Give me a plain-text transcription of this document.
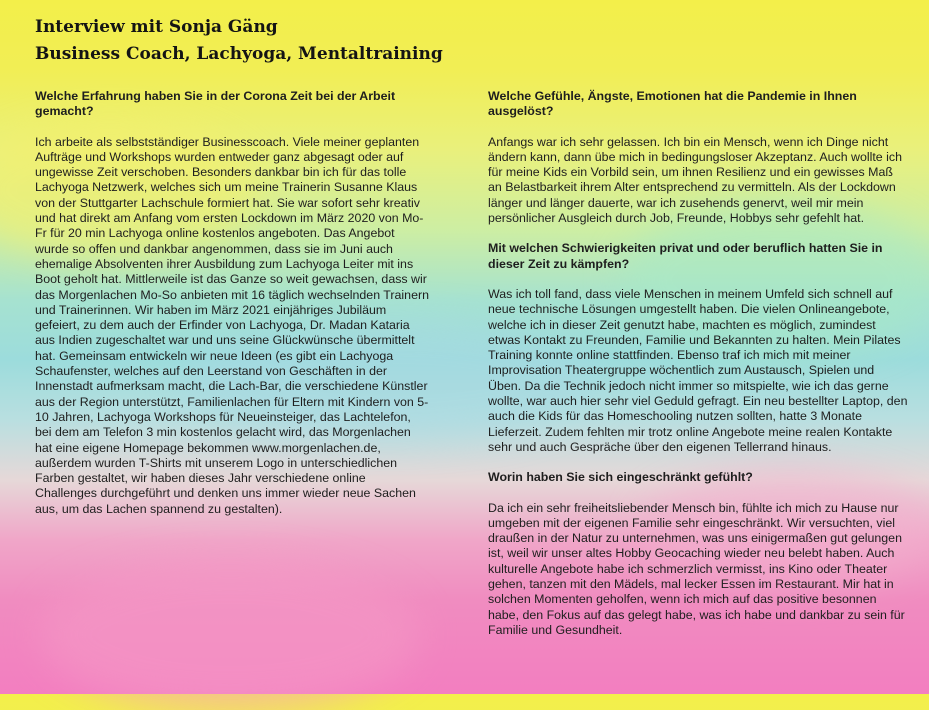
Interview mit Sonja Gäng
Business Coach, Lachyoga, Mentaltraining

Welche Erfahrung haben Sie in der Corona Zeit bei der Arbeit gemacht?

Ich arbeite als selbstständiger Businesscoach. Viele meiner geplanten Aufträge und Workshops wurden entweder ganz abgesagt oder auf ungewisse Zeit verschoben. Besonders dankbar bin ich für das tolle Lachyoga Netzwerk, welches sich um meine Trainerin Susanne Klaus von der Stuttgarter Lachschule formiert hat. Sie war sofort sehr kreativ und hat direkt am Anfang vom ersten Lockdown im März 2020 von Mo-Fr für 20 min Lachyoga online kostenlos angeboten. Das Angebot wurde so offen und dankbar angenommen, dass sie im Juni auch ehemalige Absolventen ihrer Ausbildung zum Lachyoga Leiter mit ins Boot geholt hat. Mittlerweile ist das Ganze so weit gewachsen, dass wir das Morgenlachen Mo-So anbieten mit 16 täglich wechselnden Trainern und Trainerinnen. Wir haben im März 2021 einjähriges Jubiläum gefeiert, zu dem auch der Erfinder von Lachyoga, Dr. Madan Kataria aus Indien zugeschaltet war und uns seine Glückwünsche übermittelt hat. Gemeinsam entwickeln wir neue Ideen (es gibt ein Lachyoga Schaufenster, welches auf den Leerstand von Geschäften in der Innenstadt aufmerksam macht, die Lach-Bar, die verschiedene Künstler aus der Region unterstützt, Familienlachen für Eltern mit Kindern von 5-10 Jahren, Lachyoga Workshops für Neueinsteiger, das Lachtelefon, bei dem am Telefon 3 min kostenlos gelacht wird, das Morgenlachen hat eine eigene Homepage bekommen www.morgenlachen.de, außerdem wurden T-Shirts mit unserem Logo in unterschiedlichen Farben gestaltet, wir haben dieses Jahr verschiedene online Challenges durchgeführt und denken uns immer wieder neue Sachen aus, um das Lachen spannend zu gestalten).

Welche Gefühle, Ängste, Emotionen hat die Pandemie in Ihnen ausgelöst?

Anfangs war ich sehr gelassen. Ich bin ein Mensch, wenn ich Dinge nicht ändern kann, dann übe mich in bedingungsloser Akzeptanz. Auch wollte ich für meine Kids ein Vorbild sein, um ihnen Resilienz und ein gewisses Maß an Belastbarkeit ihrem Alter entsprechend zu vermitteln. Als der Lockdown länger und länger dauerte, war ich zusehends genervt, weil mir mein persönlicher Ausgleich durch Job, Freunde, Hobbys sehr gefehlt hat.

Mit welchen Schwierigkeiten privat und oder beruflich hatten Sie in dieser Zeit zu kämpfen?

Was ich toll fand, dass viele Menschen in meinem Umfeld sich schnell auf neue technische Lösungen umgestellt haben. Die vielen Onlineangebote, welche ich in dieser Zeit genutzt habe, machten es möglich, zumindest etwas Kontakt zu Freunden, Familie und Bekannten zu halten. Mein Pilates Training konnte online stattfinden. Ebenso traf ich mich mit meiner Improvisation Theatergruppe wöchentlich zum Austausch, Spielen und Üben. Da die Technik jedoch nicht immer so mitspielte, wie ich das gerne wollte, war auch hier sehr viel Geduld gefragt. Ein neu bestellter Laptop, den auch die Kids für das Homeschooling nutzen sollten, hatte 3 Monate Lieferzeit. Zudem fehlten mir trotz online Angebote meine realen Kontakte sehr und auch Gespräche über den eigenen Tellerrand hinaus.

Worin haben Sie sich eingeschränkt gefühlt?

Da ich ein sehr freiheitsliebender Mensch bin, fühlte ich mich zu Hause nur umgeben mit der eigenen Familie sehr eingeschränkt. Wir versuchten, viel draußen in der Natur zu unternehmen, was uns einigermaßen gut gelungen ist, weil wir unser altes Hobby Geocaching wieder neu belebt haben. Auch kulturelle Angebote habe ich schmerzlich vermisst, ins Kino oder Theater gehen, tanzen mit den Mädels, mal lecker Essen im Restaurant. Mir hat in solchen Momenten geholfen, wenn ich mich auf das positive besonnen habe, den Fokus auf das gelegt habe, was ich habe und dankbar zu sein für Familie und Gesundheit.
